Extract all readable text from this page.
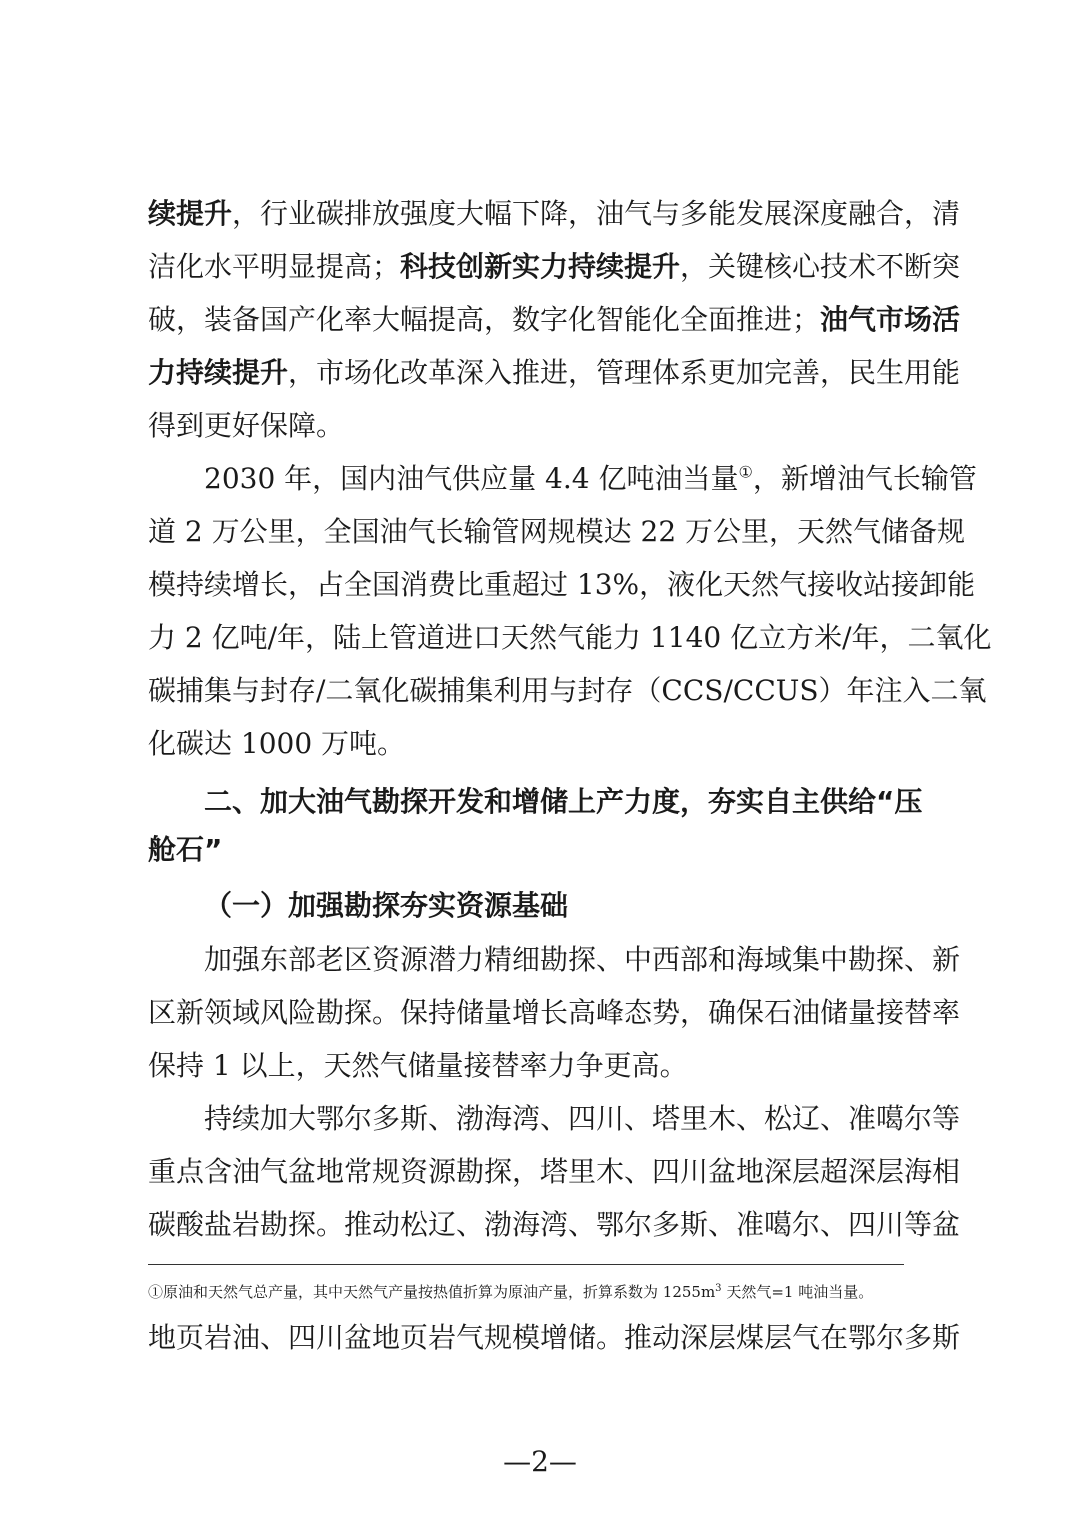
续提升，行业碳排放强度大幅下降，油气与多能发展深度融合，清
洁化水平明显提高；科技创新实力持续提升，关键核心技术不断突
破，装备国产化率大幅提高，数字化智能化全面推进；油气市场活
力持续提升，市场化改革深入推进，管理体系更加完善，民生用能
得到更好保障。
2030 年，国内油气供应量 4.4 亿吨油当量①，新增油气长输管
道 2 万公里，全国油气长输管网规模达 22 万公里，天然气储备规
模持续增长，占全国消费比重超过 13%，液化天然气接收站接卸能
力 2 亿吨/年，陆上管道进口天然气能力 1140 亿立方米/年，二氧化
碳捕集与封存/二氧化碳捕集利用与封存（CCS/CCUS）年注入二氧
化碳达 1000 万吨。
二、加大油气勘探开发和增储上产力度，夯实自主供给“压
舱石”
（一）加强勘探夯实资源基础
加强东部老区资源潜力精细勘探、中西部和海域集中勘探、新
区新领域风险勘探。保持储量增长高峰态势，确保石油储量接替率
保持 1 以上，天然气储量接替率力争更高。
持续加大鄂尔多斯、渤海湾、四川、塔里木、松辽、准噶尔等
重点含油气盆地常规资源勘探，塔里木、四川盆地深层超深层海相
碳酸盐岩勘探。推动松辽、渤海湾、鄂尔多斯、准噶尔、四川等盆
①原油和天然气总产量，其中天然气产量按热值折算为原油产量，折算系数为 $1255m^3$ 天然气=1 吨油当量。
地页岩油、四川盆地页岩气规模增储。推动深层煤层气在鄂尔多斯
—2—
